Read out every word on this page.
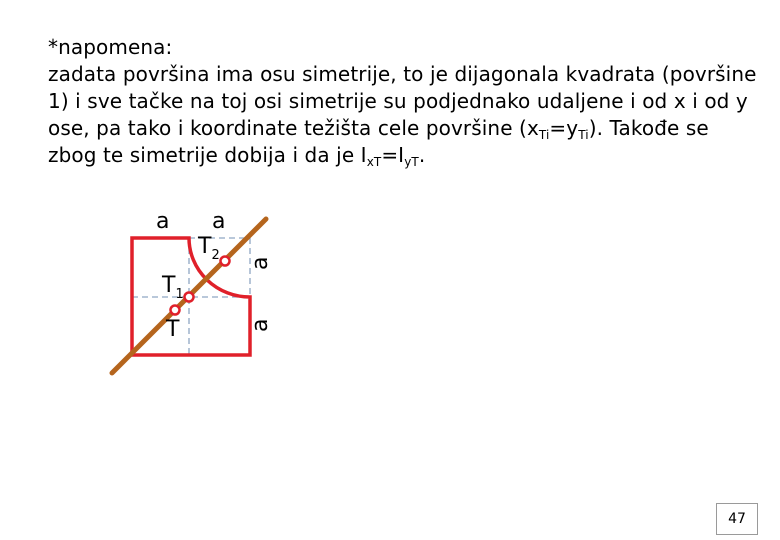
*napomena:

zadata površina ima osu simetrije, to je dijagonala kvadrata (površine

1) i sve tačke na toj osi simetrije su podjednako udaljene i od x i od y

ose, pa tako i koordinate težišta cele površine $(x_{Ti}=y_{Ti})$. Takođe se

zbog te simetrije dobija i da je $I_{xT}=I_{yT}$.

a a
a
a
$T_2$
$T_1$
T
47
